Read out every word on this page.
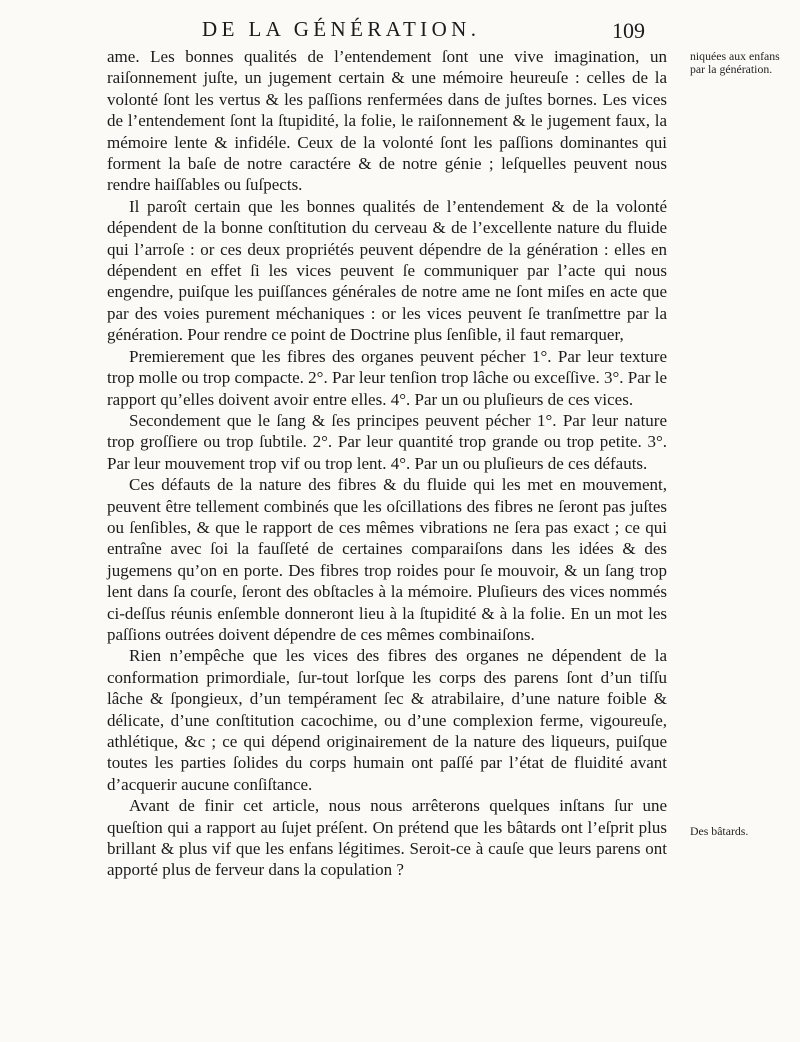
DE LA GÉNÉRATION.	109
niquées aux enfans par la génération.
Des bâtards.

ame. Les bonnes qualités de l’entendement ſont une vive imagination, un raiſonnement juſte, un jugement certain & une mémoire heureuſe : celles de la volonté ſont les vertus & les paſſions renfermées dans de juſtes bornes. Les vices de l’entendement ſont la ſtupidité, la folie, le raiſonnement & le jugement faux, la mémoire lente & infidéle. Ceux de la volonté ſont les paſſions dominantes qui forment la baſe de notre caractére & de notre génie ; leſquelles peuvent nous rendre haiſſables ou ſuſpects.

Il paroît certain que les bonnes qualités de l’entendement & de la volonté dépendent de la bonne conſtitution du cerveau & de l’excellente nature du fluide qui l’arroſe : or ces deux propriétés peuvent dépendre de la génération : elles en dépendent en effet ſi les vices peuvent ſe communiquer par l’acte qui nous engendre, puiſque les puiſſances générales de notre ame ne ſont miſes en acte que par des voies purement méchaniques : or les vices peuvent ſe tranſmettre par la génération. Pour rendre ce point de Doctrine plus ſenſible, il faut remarquer,

Premierement que les fibres des organes peuvent pécher 1°. Par leur texture trop molle ou trop compacte. 2°. Par leur tenſion trop lâche ou exceſſive. 3°. Par le rapport qu’elles doivent avoir entre elles. 4°. Par un ou pluſieurs de ces vices.

Secondement que le ſang & ſes principes peuvent pécher 1°. Par leur nature trop groſſiere ou trop ſubtile. 2°. Par leur quantité trop grande ou trop petite. 3°. Par leur mouvement trop vif ou trop lent. 4°. Par un ou pluſieurs de ces défauts.

Ces défauts de la nature des fibres & du fluide qui les met en mouvement, peuvent être tellement combinés que les oſcillations des fibres ne ſeront pas juſtes ou ſenſibles, & que le rapport de ces mêmes vibrations ne ſera pas exact ; ce qui entraîne avec ſoi la fauſſeté de certaines comparaiſons dans les idées & des jugemens qu’on en porte. Des fibres trop roides pour ſe mouvoir, & un ſang trop lent dans ſa courſe, ſeront des obſtacles à la mémoire. Pluſieurs des vices nommés ci-deſſus réunis enſemble donneront lieu à la ſtupidité & à la folie. En un mot les paſſions outrées doivent dépendre de ces mêmes combinaiſons.

Rien n’empêche que les vices des fibres des organes ne dépendent de la conformation primordiale, ſur-tout lorſque les corps des parens ſont d’un tiſſu lâche & ſpongieux, d’un tempérament ſec & atrabilaire, d’une nature foible & délicate, d’une conſtitution cacochime, ou d’une complexion ferme, vigoureuſe, athlétique, &c ; ce qui dépend originairement de la nature des liqueurs, puiſque toutes les parties ſolides du corps humain ont paſſé par l’état de fluidité avant d’acquerir aucune conſiſtance.

Avant de finir cet article, nous nous arrêterons quelques inſtans ſur une queſtion qui a rapport au ſujet préſent. On prétend que les bâtards ont l’eſprit plus brillant & plus vif que les enfans légitimes. Seroit-ce à cauſe que leurs parens ont apporté plus de ferveur dans la copulation ?
